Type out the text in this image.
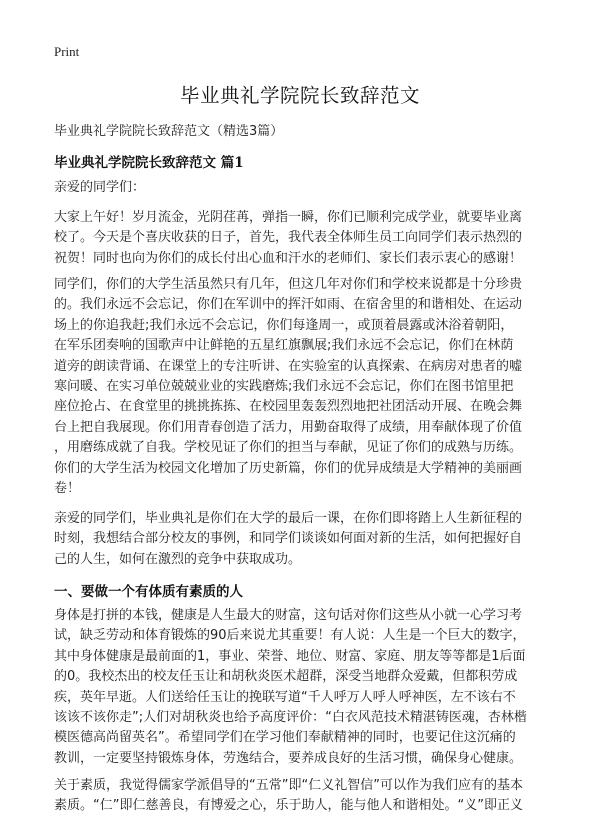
Print
毕业典礼学院院长致辞范文
毕业典礼学院院长致辞范文（精选3篇）
毕业典礼学院院长致辞范文 篇1
亲爱的同学们：
大家上午好！岁月流金，光阴荏苒，弹指一瞬，你们已顺利完成学业，就要毕业离
校了。今天是个喜庆收获的日子，首先，我代表全体师生员工向同学们表示热烈的
祝贺！同时也向为你们的成长付出心血和汗水的老师们、家长们表示衷心的感谢！
同学们，你们的大学生活虽然只有几年，但这几年对你们和学校来说都是十分珍贵
的。我们永远不会忘记，你们在军训中的挥汗如雨、在宿舍里的和谐相处、在运动
场上的你追我赶;我们永远不会忘记，你们每逢周一，或顶着晨露或沐浴着朝阳，
在军乐团奏响的国歌声中让鲜艳的五星红旗飘展;我们永远不会忘记，你们在林荫
道旁的朗读背诵、在课堂上的专注听讲、在实验室的认真探索、在病房对患者的嘘
寒问暖、在实习单位兢兢业业的实践磨炼;我们永远不会忘记，你们在图书馆里把
座位抢占、在食堂里的挑挑拣拣、在校园里轰轰烈烈地把社团活动开展、在晚会舞
台上把自我展现。你们用青春创造了活力，用勤奋取得了成绩，用奉献体现了价值
，用磨练成就了自我。学校见证了你们的担当与奉献，见证了你们的成熟与历练。
你们的大学生活为校园文化增加了历史新篇，你们的优异成绩是大学精神的美丽画
卷！
亲爱的同学们，毕业典礼是你们在大学的最后一课，在你们即将踏上人生新征程的
时刻，我想结合部分校友的事例，和同学们谈谈如何面对新的生活，如何把握好自
己的人生，如何在激烈的竞争中获取成功。
一、要做一个有体质有素质的人
身体是打拼的本钱，健康是人生最大的财富，这句话对你们这些从小就一心学习考
试，缺乏劳动和体育锻炼的90后来说尤其重要！有人说：人生是一个巨大的数字，
其中身体健康是最前面的1，事业、荣誉、地位、财富、家庭、朋友等等都是1后面
的0。我校杰出的校友任玉让和胡秋炎医术超群，深受当地群众爱戴，但都积劳成
疾，英年早逝。人们送给任玉让的挽联写道“千人呼万人呼人呼神医，左不该右不
该该不该你走”;人们对胡秋炎也给予高度评价：“白衣风范技术精湛铸医魂，杏林楷
模医德高尚留英名”。希望同学们在学习他们奉献精神的同时，也要记住这沉痛的
教训，一定要坚持锻炼身体，劳逸结合，要养成良好的生活习惯，确保身心健康。
关于素质，我觉得儒家学派倡导的“五常”即“仁义礼智信”可以作为我们应有的基本
素质。“仁”即仁慈善良，有博爱之心，乐于助人，能与他人和谐相处。“义”即正义
